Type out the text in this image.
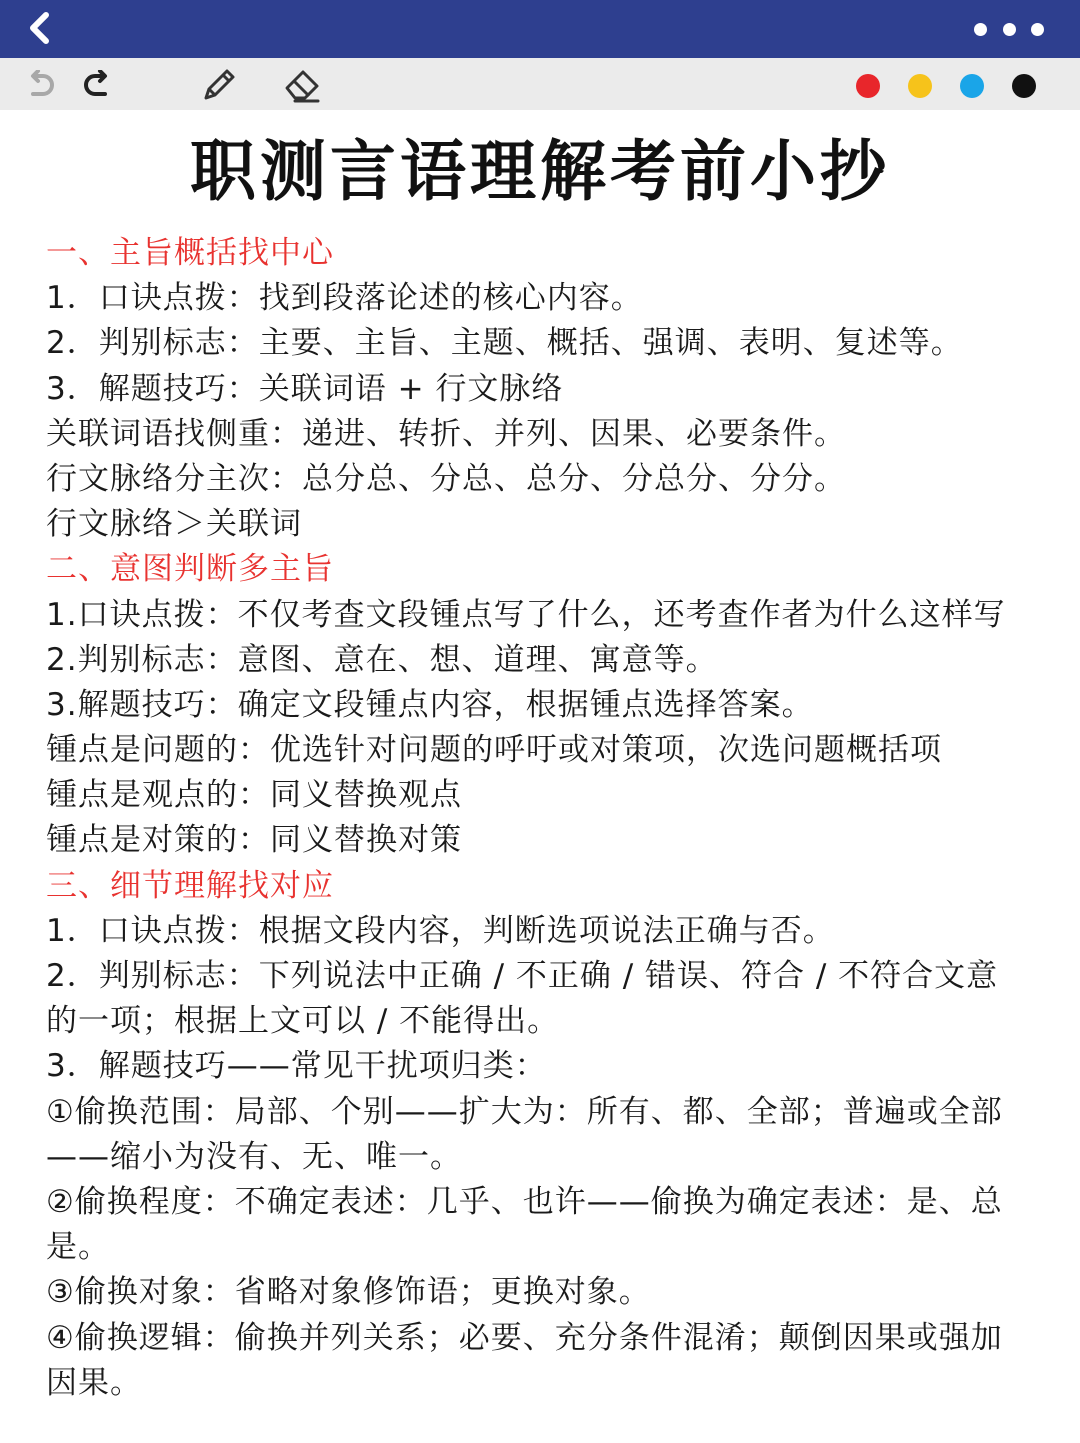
职测言语理解考前小抄
一、主旨概括找中心
1．口诀点拨：找到段落论述的核心内容。
2．判别标志：主要、主旨、主题、概括、强调、表明、复述等。
3．解题技巧：关联词语 + 行文脉络
关联词语找侧重：递进、转折、并列、因果、必要条件。
行文脉络分主次：总分总、分总、总分、分总分、分分。
行文脉络＞关联词
二、意图判断多主旨
1.口诀点拨：不仅考查文段锺点写了什么，还考查作者为什么这样写
2.判别标志：意图、意在、想、道理、寓意等。
3.解题技巧：确定文段锺点内容，根据锺点选择答案。
锺点是问题的：优选针对问题的呼吁或对策项，次选问题概括项
锺点是观点的：同义替换观点
锺点是对策的：同义替换对策
三、细节理解找对应
1．口诀点拨：根据文段内容，判断选项说法正确与否。
2．判别标志：下列说法中正确 / 不正确 / 错误、符合 / 不符合文意
的一项；根据上文可以 / 不能得出。
3．解题技巧——常见干扰项归类：
①偷换范围：局部、个别——扩大为：所有、都、全部；普遍或全部
——缩小为没有、无、唯一。
②偷换程度：不确定表述：几乎、也许——偷换为确定表述：是、总
是。
③偷换对象：省略对象修饰语；更换对象。
④偷换逻辑：偷换并列关系；必要、充分条件混淆；颠倒因果或强加
因果。
